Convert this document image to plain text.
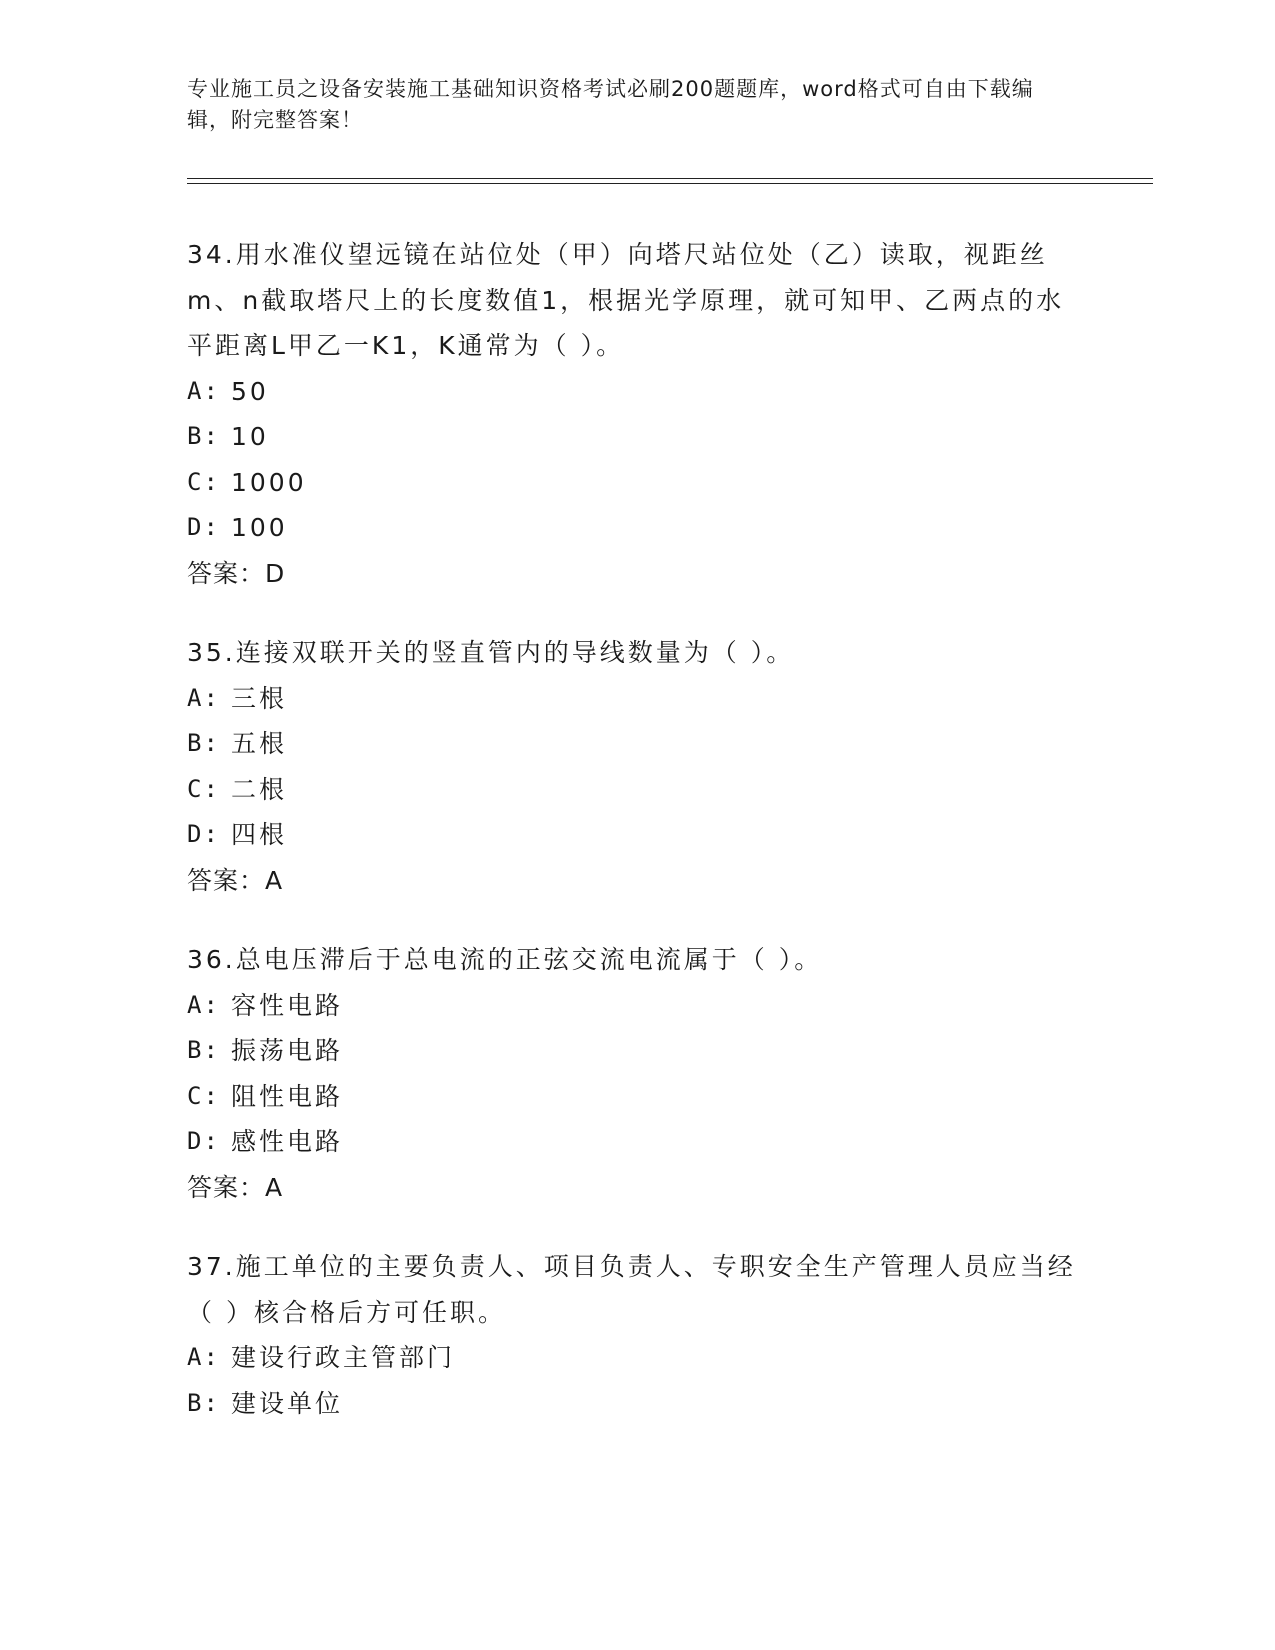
专业施工员之设备安装施工基础知识资格考试必刷200题题库，word格式可自由下载编辑，附完整答案！
34.用水准仪望远镜在站位处（甲）向塔尺站位处（乙）读取，视距丝m、n截取塔尺上的长度数值1，根据光学原理，就可知甲、乙两点的水平距离L甲乙一K1，K通常为（ ）。
A: 50
B: 10
C: 1000
D: 100
答案：D
35.连接双联开关的竖直管内的导线数量为（ ）。
A: 三根
B: 五根
C: 二根
D: 四根
答案：A
36.总电压滞后于总电流的正弦交流电流属于（ ）。
A: 容性电路
B: 振荡电路
C: 阻性电路
D: 感性电路
答案：A
37.施工单位的主要负责人、项目负责人、专职安全生产管理人员应当经（ ）核合格后方可任职。
A: 建设行政主管部门
B: 建设单位
